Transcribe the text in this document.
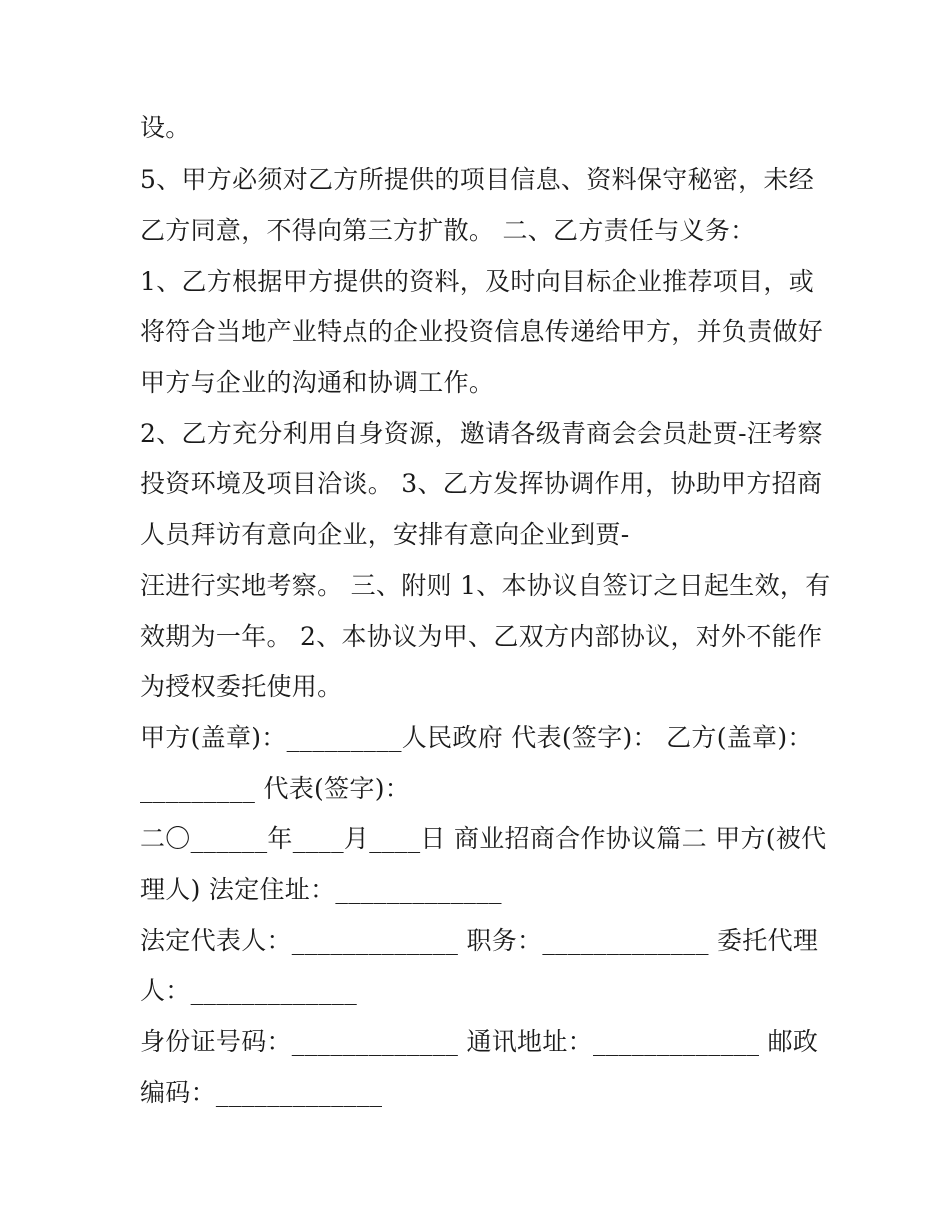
设。
5、甲方必须对乙方所提供的项目信息、资料保守秘密，未经
乙方同意，不得向第三方扩散。 二、乙方责任与义务：
1、乙方根据甲方提供的资料，及时向目标企业推荐项目，或
将符合当地产业特点的企业投资信息传递给甲方，并负责做好
甲方与企业的沟通和协调工作。
2、乙方充分利用自身资源，邀请各级青商会会员赴贾-汪考察
投资环境及项目洽谈。 3、乙方发挥协调作用，协助甲方招商
人员拜访有意向企业，安排有意向企业到贾-
汪进行实地考察。 三、附则 1、本协议自签订之日起生效，有
效期为一年。 2、本协议为甲、乙双方内部协议，对外不能作
为授权委托使用。
甲方(盖章)：_________人民政府 代表(签字)： 乙方(盖章)：
_________ 代表(签字)：
二〇______年____月____日 商业招商合作协议篇二 甲方(被代
理人) 法定住址：_____________
法定代表人：_____________ 职务：_____________ 委托代理
人：_____________
身份证号码：_____________ 通讯地址：_____________ 邮政
编码：_____________
